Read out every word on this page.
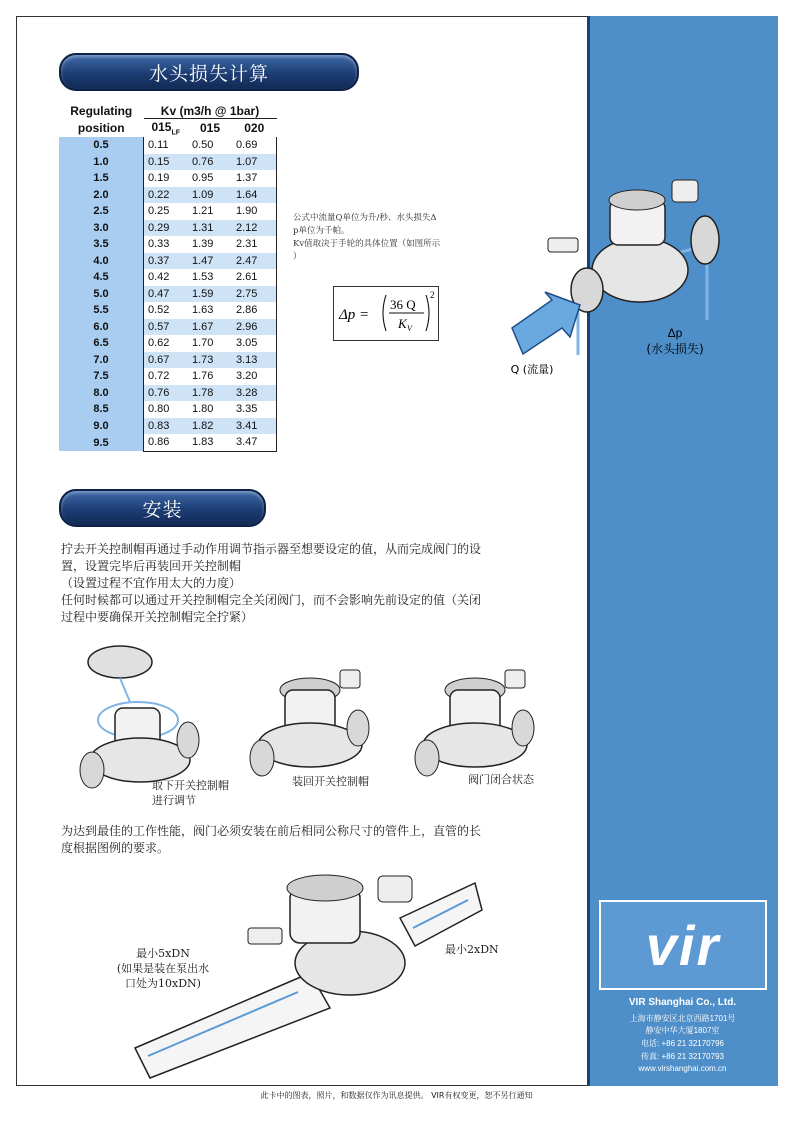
水头损失计算
Regulating position	Kv (m3/h @ 1bar)		
	$015_{LF}$	015	020
0.5	0.11	0.50	0.69
1.0	0.15	0.76	1.07
1.5	0.19	0.95	1.37
2.0	0.22	1.09	1.64
2.5	0.25	1.21	1.90
3.0	0.29	1.31	2.12
3.5	0.33	1.39	2.31
4.0	0.37	1.47	2.47
4.5	0.42	1.53	2.61
5.0	0.47	1.59	2.75
5.5	0.52	1.63	2.86
6.0	0.57	1.67	2.96
6.5	0.62	1.70	3.05
7.0	0.67	1.73	3.13
7.5	0.72	1.76	3.20
8.0	0.76	1.78	3.28
8.5	0.80	1.80	3.35
9.0	0.83	1.82	3.41
9.5	0.86	1.83	3.47
公式中流量Q单位为升/秒、水头损失Δ
p单位为千帕。
Kv值取决于手轮的具体位置（如图所示
）
Δp =
36 Q
K V
2
Δp
(水头损失)
Q (流量)
安装
拧去开关控制帽再通过手动作用调节指示器至想要设定的值，从而完成阀门的设
置，设置完毕后再装回开关控制帽
（设置过程不宜作用太大的力度）
任何时候都可以通过开关控制帽完全关闭阀门，而不会影响先前设定的值（关闭
过程中要确保开关控制帽完全拧紧）
取下开关控制帽
进行调节
装回开关控制帽	阀门闭合状态
为达到最佳的工作性能，阀门必须安装在前后相同公称尺寸的管件上，直管的长
度根据图例的要求。
最小5xDN
(如果是装在泵出水
口处为10xDN)
最小2xDN	vir
VIR Shanghai Co., Ltd.
上海市静安区北京西路1701号
静安中华大厦1807室
电话: +86 21 32170796
传真: +86 21 32170793
www.virshanghai.com.cn
此卡中的图表，照片，和数据仅作为讯息提供。 VIR有权变更，恕不另行通知
